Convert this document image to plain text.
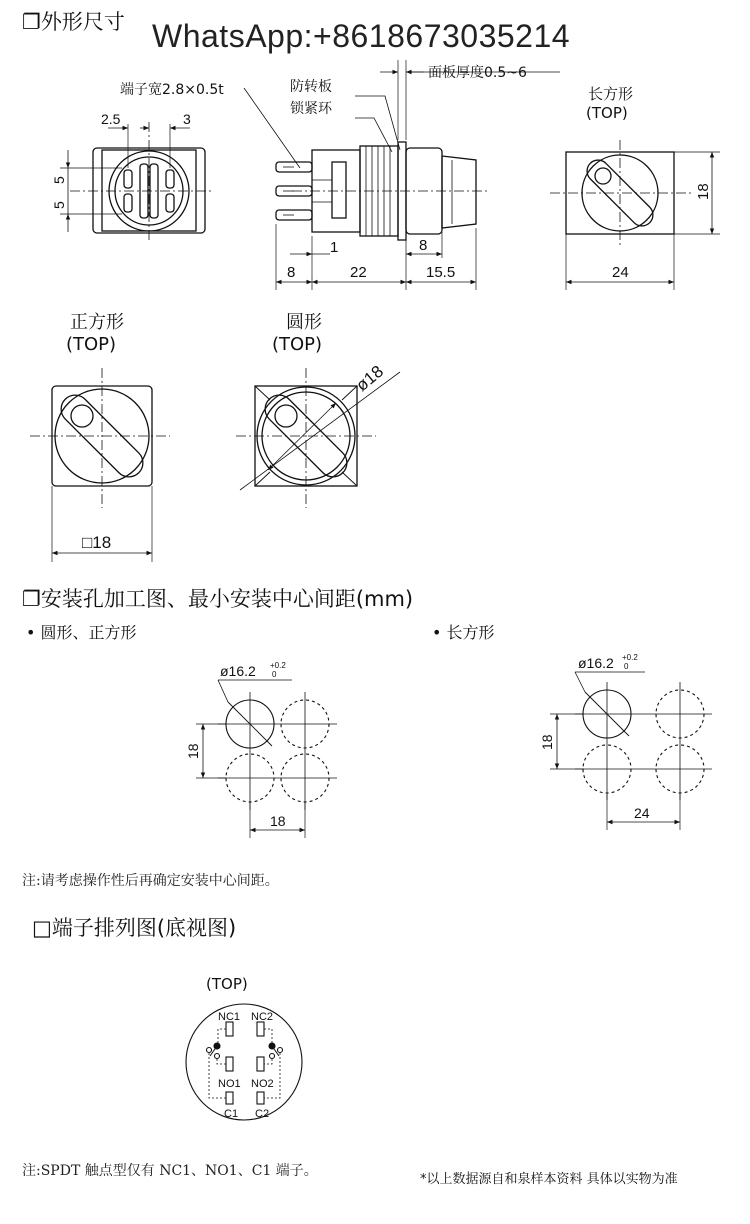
❐外形尺寸 WhatsApp:+8618673035214
端子宽2.8×0.5t	防转板
锁紧环
面板厚度0.5~6
长方形
(TOP)
正方形
(TOP)
圆形
(TOP)
❐安装孔加工图、最小安装中心间距(mm)
• 圆形、正方形	• 长方形
注:请考虑操作性后再确定安装中心间距。
□端子排列图(底视图)
(TOP)
注:SPDT 触点型仅有 NC1、NO1、C1 端子。
*以上数据源自和泉样本资料 具体以实物为准
2.5	3
5
5
1	8
8	22	15.5
18
24
□18
ø18
ø16.2 +0.2
0
18
18
ø16.2 +0.2
0
18
24
NC1 NC2
NO1 NO2
C1 C2
